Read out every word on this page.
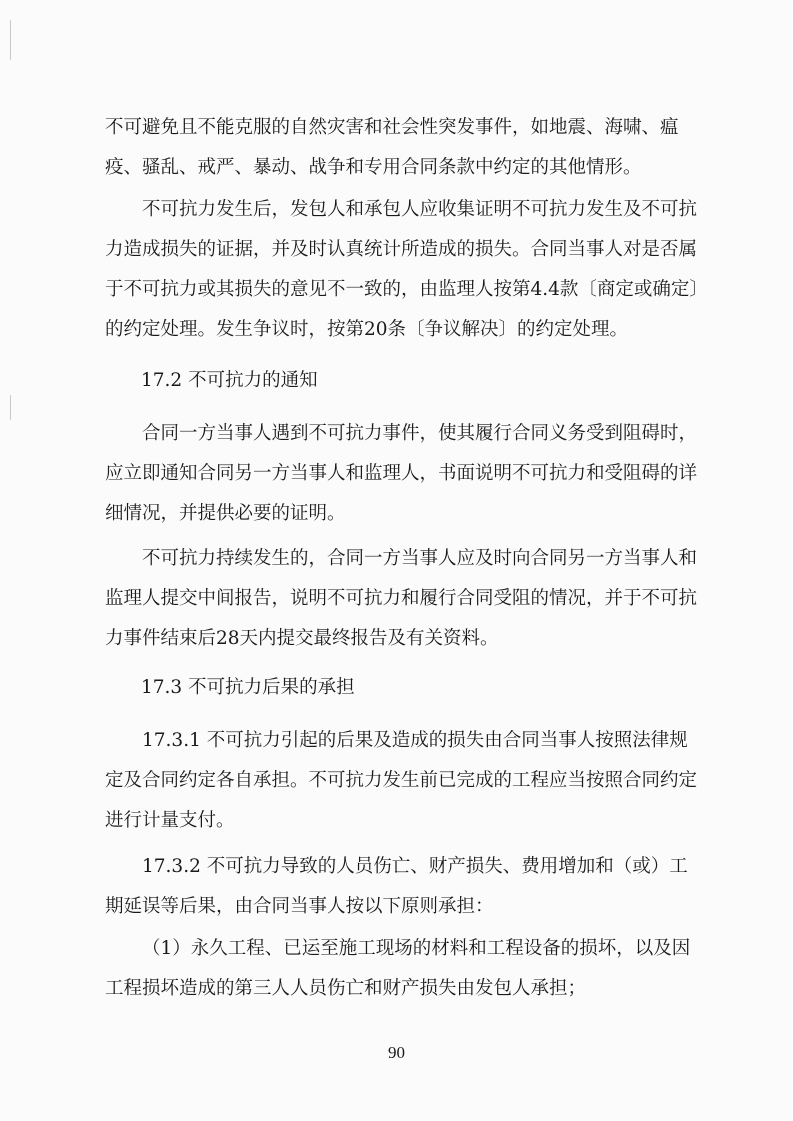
不可避免且不能克服的自然灾害和社会性突发事件，如地震、海啸、瘟疫、骚乱、戒严、暴动、战争和专用合同条款中约定的其他情形。

不可抗力发生后，发包人和承包人应收集证明不可抗力发生及不可抗力造成损失的证据，并及时认真统计所造成的损失。合同当事人对是否属于不可抗力或其损失的意见不一致的，由监理人按第4.4款〔商定或确定〕的约定处理。发生争议时，按第20条〔争议解决〕的约定处理。

17.2 不可抗力的通知

合同一方当事人遇到不可抗力事件，使其履行合同义务受到阻碍时，应立即通知合同另一方当事人和监理人，书面说明不可抗力和受阻碍的详细情况，并提供必要的证明。

不可抗力持续发生的，合同一方当事人应及时向合同另一方当事人和监理人提交中间报告，说明不可抗力和履行合同受阻的情况，并于不可抗力事件结束后28天内提交最终报告及有关资料。

17.3 不可抗力后果的承担

17.3.1 不可抗力引起的后果及造成的损失由合同当事人按照法律规定及合同约定各自承担。不可抗力发生前已完成的工程应当按照合同约定进行计量支付。

17.3.2 不可抗力导致的人员伤亡、财产损失、费用增加和（或）工期延误等后果，由合同当事人按以下原则承担：

（1）永久工程、已运至施工现场的材料和工程设备的损坏，以及因工程损坏造成的第三人人员伤亡和财产损失由发包人承担；

90
